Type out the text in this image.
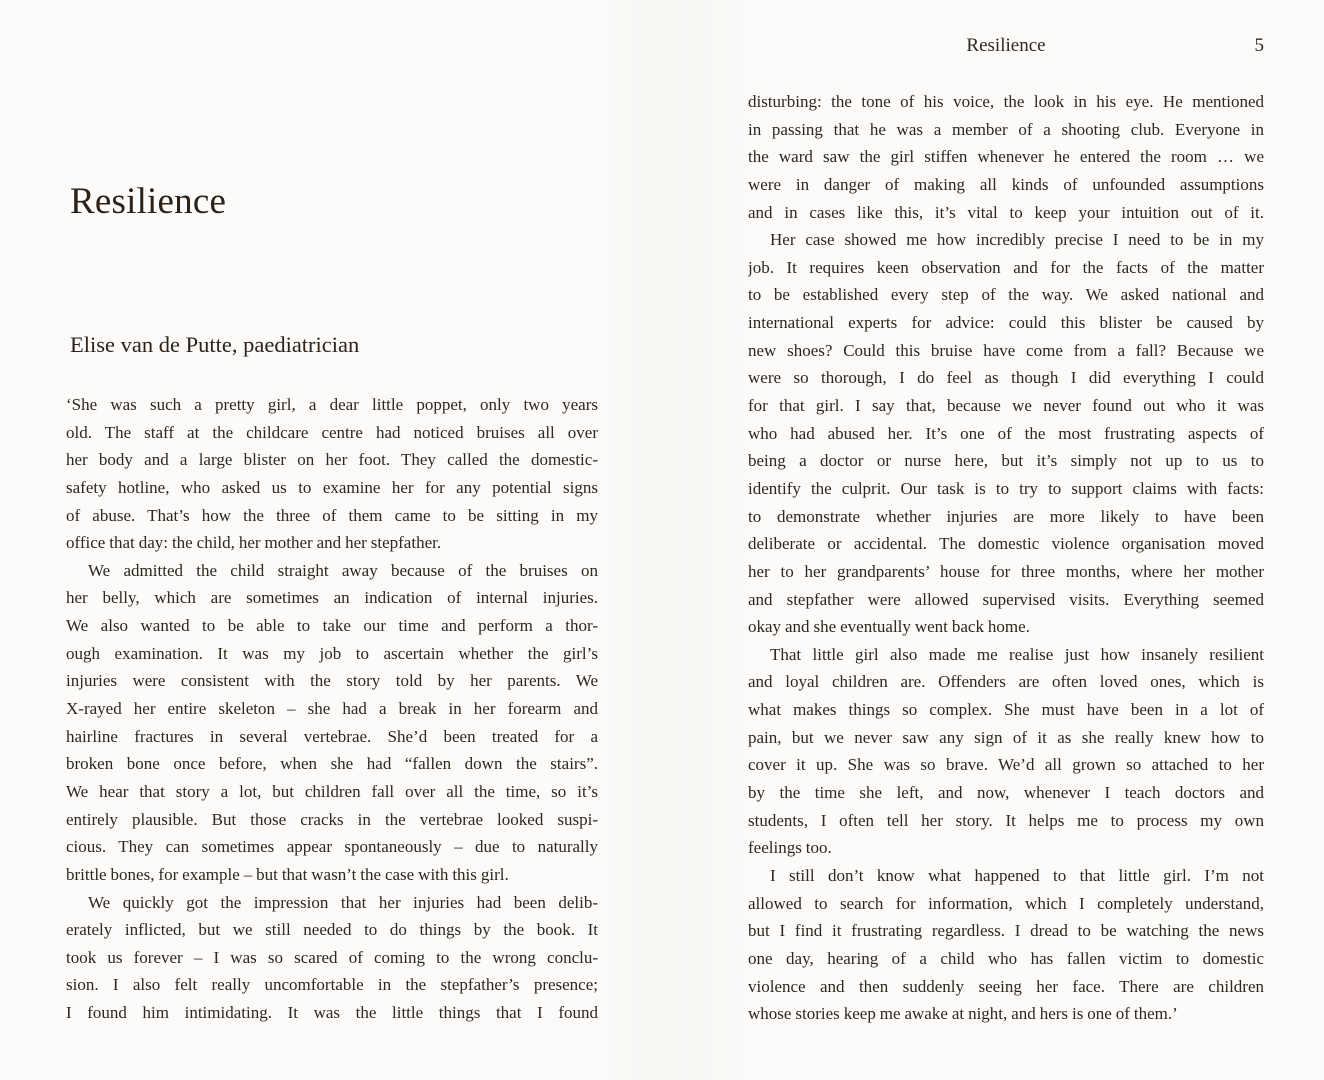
Resilience
Elise van de Putte, paediatrician

‘She was such a pretty girl, a dear little poppet, only two years
old. The staff at the childcare centre had noticed bruises all over
her body and a large blister on her foot. They called the domestic-
safety hotline, who asked us to examine her for any potential signs
of abuse. That’s how the three of them came to be sitting in my
office that day: the child, her mother and her stepfather.

We admitted the child straight away because of the bruises on
her belly, which are sometimes an indication of internal injuries.
We also wanted to be able to take our time and perform a thor-
ough examination. It was my job to ascertain whether the girl’s
injuries were consistent with the story told by her parents. We
X-rayed her entire skeleton – she had a break in her forearm and
hairline fractures in several vertebrae. She’d been treated for a
broken bone once before, when she had “fallen down the stairs”.
We hear that story a lot, but children fall over all the time, so it’s
entirely plausible. But those cracks in the vertebrae looked suspi-
cious. They can sometimes appear spontaneously – due to naturally
brittle bones, for example – but that wasn’t the case with this girl.

We quickly got the impression that her injuries had been delib-
erately inflicted, but we still needed to do things by the book. It
took us forever – I was so scared of coming to the wrong conclu-
sion. I also felt really uncomfortable in the stepfather’s presence;
I found him intimidating. It was the little things that I found

Resilience	5

disturbing: the tone of his voice, the look in his eye. He mentioned
in passing that he was a member of a shooting club. Everyone in
the ward saw the girl stiffen whenever he entered the room … we
were in danger of making all kinds of unfounded assumptions
and in cases like this, it’s vital to keep your intuition out of it.

Her case showed me how incredibly precise I need to be in my
job. It requires keen observation and for the facts of the matter
to be established every step of the way. We asked national and
international experts for advice: could this blister be caused by
new shoes? Could this bruise have come from a fall? Because we
were so thorough, I do feel as though I did everything I could
for that girl. I say that, because we never found out who it was
who had abused her. It’s one of the most frustrating aspects of
being a doctor or nurse here, but it’s simply not up to us to
identify the culprit. Our task is to try to support claims with facts:
to demonstrate whether injuries are more likely to have been
deliberate or accidental. The domestic violence organisation moved
her to her grandparents’ house for three months, where her mother
and stepfather were allowed supervised visits. Everything seemed
okay and she eventually went back home.

That little girl also made me realise just how insanely resilient
and loyal children are. Offenders are often loved ones, which is
what makes things so complex. She must have been in a lot of
pain, but we never saw any sign of it as she really knew how to
cover it up. She was so brave. We’d all grown so attached to her
by the time she left, and now, whenever I teach doctors and
students, I often tell her story. It helps me to process my own
feelings too.

I still don’t know what happened to that little girl. I’m not
allowed to search for information, which I completely understand,
but I find it frustrating regardless. I dread to be watching the news
one day, hearing of a child who has fallen victim to domestic
violence and then suddenly seeing her face. There are children
whose stories keep me awake at night, and hers is one of them.’
